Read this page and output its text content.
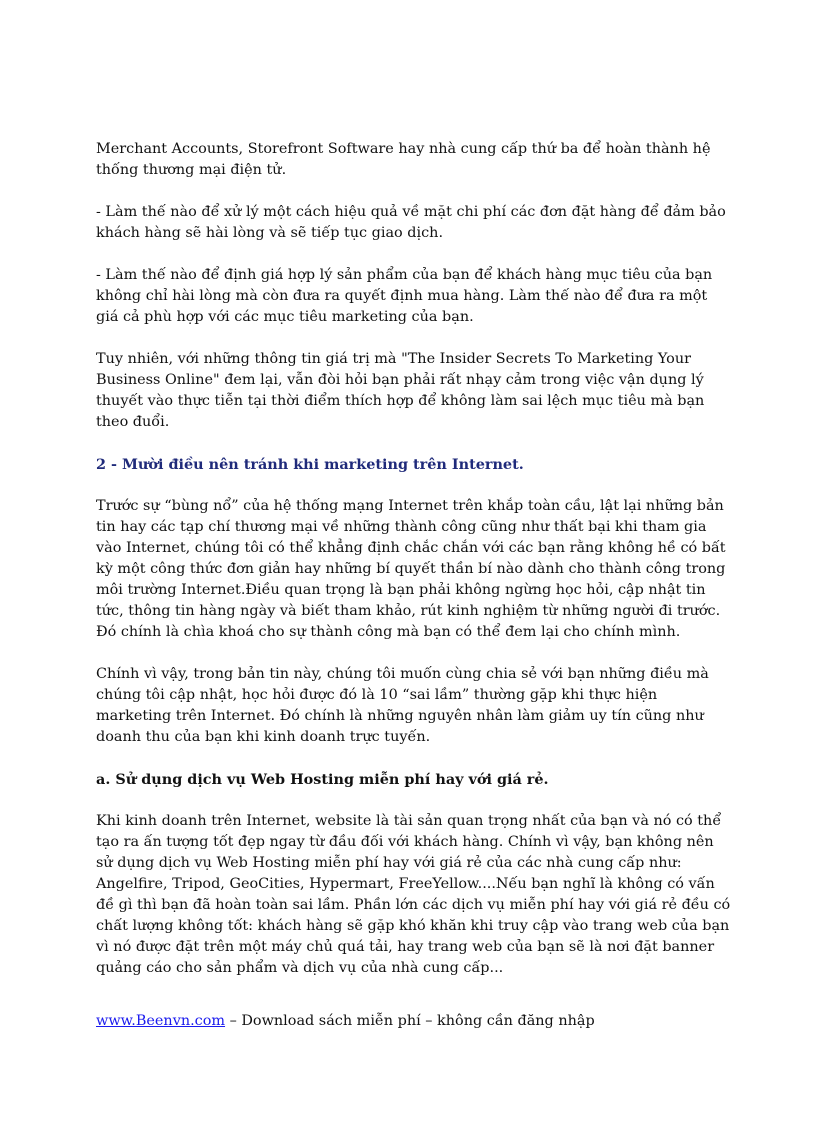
Merchant Accounts, Storefront Software hay nhà cung cấp thứ ba để hoàn thành hệ thống thương mại điện tử.

- Làm thế nào để xử lý một cách hiệu quả về mặt chi phí các đơn đặt hàng để đảm bảo khách hàng sẽ hài lòng và sẽ tiếp tục giao dịch.

- Làm thế nào để định giá hợp lý sản phẩm của bạn để khách hàng mục tiêu của bạn không chỉ hài lòng mà còn đưa ra quyết định mua hàng. Làm thế nào để đưa ra một giá cả phù hợp với các mục tiêu marketing của bạn.

Tuy nhiên, với những thông tin giá trị mà "The Insider Secrets To Marketing Your Business Online" đem lại, vẫn đòi hỏi bạn phải rất nhạy cảm trong việc vận dụng lý thuyết vào thực tiễn tại thời điểm thích hợp để không làm sai lệch mục tiêu mà bạn theo đuổi.

2 - Mười điều nên tránh khi marketing trên Internet.

Trước sự “bùng nổ” của hệ thống mạng Internet trên khắp toàn cầu, lật lại những bản tin hay các tạp chí thương mại về những thành công cũng như thất bại khi tham gia vào Internet, chúng tôi có thể khẳng định chắc chắn với các bạn rằng không hề có bất kỳ một công thức đơn giản hay những bí quyết thần bí nào dành cho thành công trong môi trường Internet.Điều quan trọng là bạn phải không ngừng học hỏi, cập nhật tin tức, thông tin hàng ngày và biết tham khảo, rút kinh nghiệm từ những người đi trước. Đó chính là chìa khoá cho sự thành công mà bạn có thể đem lại cho chính mình.

Chính vì vậy, trong bản tin này, chúng tôi muốn cùng chia sẻ với bạn những điều mà chúng tôi cập nhật, học hỏi được đó là 10 “sai lầm” thường gặp khi thực hiện marketing trên Internet. Đó chính là những nguyên nhân làm giảm uy tín cũng như doanh thu của bạn khi kinh doanh trực tuyến.

a. Sử dụng dịch vụ Web Hosting miễn phí hay với giá rẻ.

Khi kinh doanh trên Internet, website là tài sản quan trọng nhất của bạn và nó có thể tạo ra ấn tượng tốt đẹp ngay từ đầu đối với khách hàng. Chính vì vậy, bạn không nên sử dụng dịch vụ Web Hosting miễn phí hay với giá rẻ của các nhà cung cấp như: Angelfire, Tripod, GeoCities, Hypermart, FreeYellow....Nếu bạn nghĩ là không có vấn đề gì thì bạn đã hoàn toàn sai lầm. Phần lớn các dịch vụ miễn phí hay với giá rẻ đều có chất lượng không tốt: khách hàng sẽ gặp khó khăn khi truy cập vào trang web của bạn vì nó được đặt trên một máy chủ quá tải, hay trang web của bạn sẽ là nơi đặt banner quảng cáo cho sản phẩm và dịch vụ của nhà cung cấp...

www.Beenvn.com – Download sách miễn phí – không cần đăng nhập
